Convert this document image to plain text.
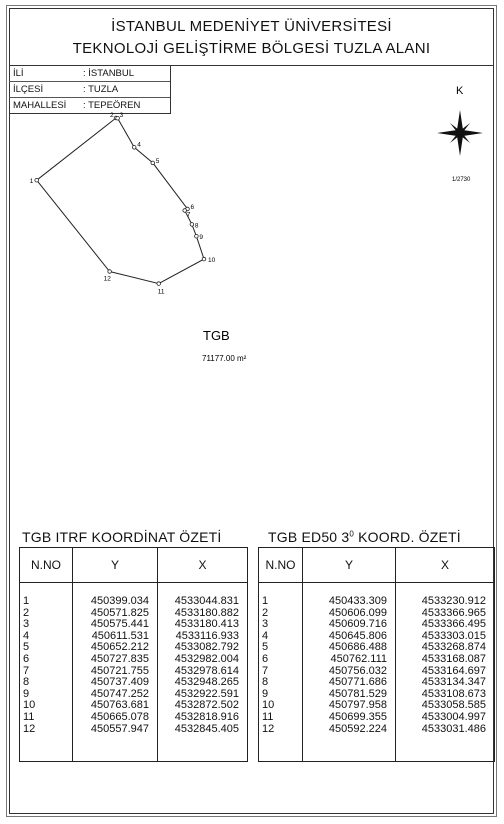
İSTANBUL MEDENİYET ÜNİVERSİTESİ
TEKNOLOJİ GELİŞTİRME BÖLGESİ TUZLA ALANI
İLİ	: İSTANBUL
İLÇESİ	: TUZLA
MAHALLESİ	: TEPEÖREN
1
2 3
4
5
6
7
8
9
10
11
12
TGB
71177.00 m²
K
1/2730
TGB ITRF KOORDİNAT ÖZETİ	TGB ED50 $3^0$ KOORD. ÖZETİ
N.NO	Y	X
1	450399.034	4533044.831
2	450571.825	4533180.882
3	450575.441	4533180.413
4	450611.531	4533116.933
5	450652.212	4533082.792
6	450727.835	4532982.004
7	450721.755	4532978.614
8	450737.409	4532948.265
9	450747.252	4532922.591
10	450763.681	4532872.502
11	450665.078	4532818.916
12	450557.947	4532845.405
N.NO	Y	X
1	450433.309	4533230.912
2	450606.099	4533366.965
3	450609.716	4533366.495
4	450645.806	4533303.015
5	450686.488	4533268.874
6	450762.111	4533168.087
7	450756.032	4533164.697
8	450771.686	4533134.347
9	450781.529	4533108.673
10	450797.958	4533058.585
11	450699.355	4533004.997
12	450592.224	4533031.486
